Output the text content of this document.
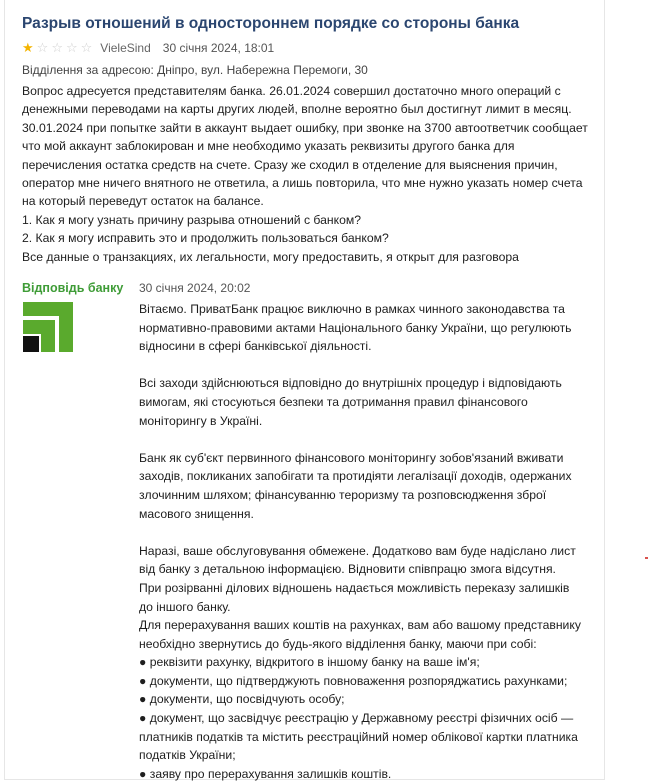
Разрыв отношений в одностороннем порядке со стороны банка
★ ☆ ☆ ☆ ☆ VieleSind 30 січня 2024, 18:01
Відділення за адресою: Дніпро, вул. Набережна Перемоги, 30

Вопрос адресуется представителям банка. 26.01.2024 совершил достаточно много операций с денежными переводами на карты других людей, вполне вероятно был достигнут лимит в месяц. 30.01.2024 при попытке зайти в аккаунт выдает ошибку, при звонке на 3700 автоответчик сообщает что мой аккаунт заблокирован и мне необходимо указать реквизиты другого банка для перечисления остатка средств на счете. Сразу же сходил в отделение для выяснения причин, оператор мне ничего внятного не ответила, а лишь повторила, что мне нужно указать номер счета на который переведут остаток на балансе.

1. Как я могу узнать причину разрыва отношений с банком?

2. Как я могу исправить это и продолжить пользоваться банком?

Все данные о транзакциях, их легальности, могу предоставить, я открыт для разговора

Відповідь банку 30 січня 2024, 20:02

Вітаємо. ПриватБанк працює виключно в рамках чинного законодавства та нормативно-правовими актами Національного банку України, що регулюють відносини в сфері банківської діяльності.

Всі заходи здійснюються відповідно до внутрішніх процедур і відповідають вимогам, які стосуються безпеки та дотримання правил фінансового моніторингу в Україні.

Банк як суб'єкт первинного фінансового моніторингу зобов'язаний вживати заходів, покликаних запобігати та протидіяти легалізації доходів, одержаних злочинним шляхом; фінансуванню тероризму та розповсюдження зброї масового знищення.

Наразі, ваше обслуговування обмежене. Додатково вам буде надіслано лист від банку з детальною інформацією. Відновити співпрацю змога відсутня.

При розірванні ділових відношень надається можливість переказу залишків до іншого банку.

Для перерахування ваших коштів на рахунках, вам або вашому представнику необхідно звернутись до будь-якого відділення банку, маючи при собі:

● реквізити рахунку, відкритого в іншому банку на ваше ім'я;

● документи, що підтверджують повноваження розпоряджатись рахунками;

● документи, що посвідчують особу;

● документ, що засвідчує реєстрацію у Державному реєстрі фізичних осіб — платників податків та містить реєстраційний номер облікової картки платника податків України;

● заяву про перерахування залишків коштів.
